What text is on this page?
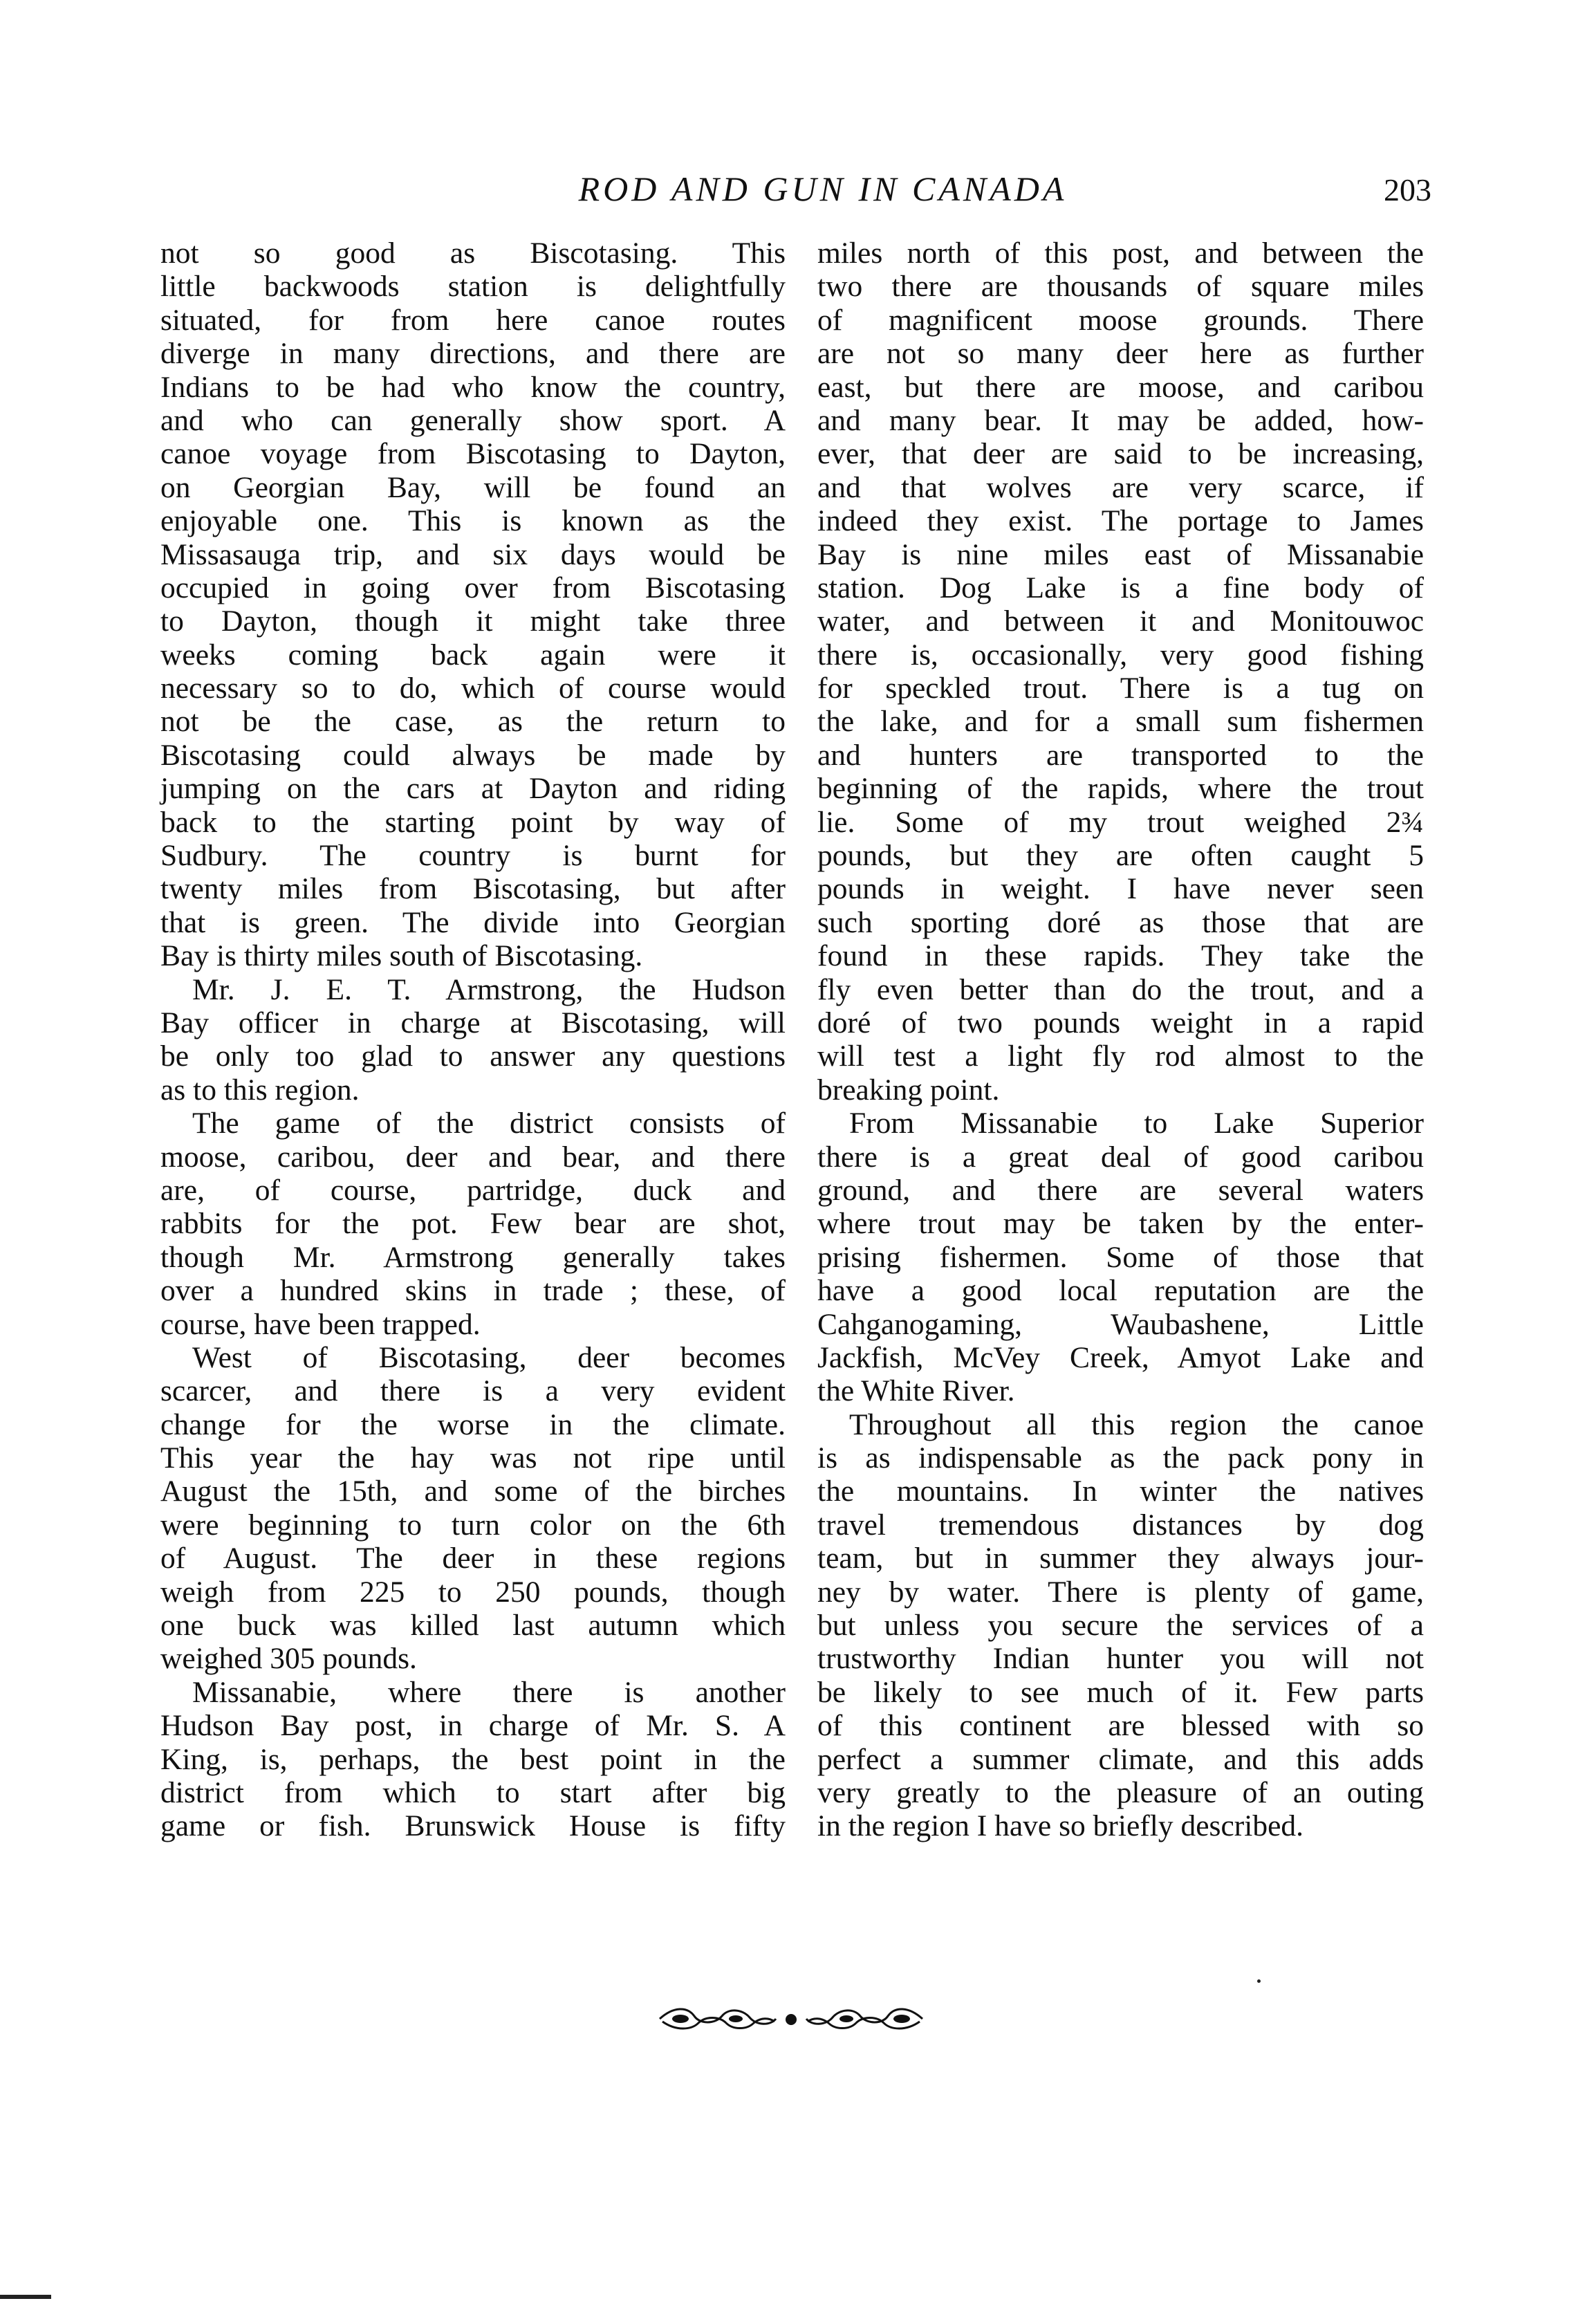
ROD AND GUN IN CANADA	203
not so good as Biscotasing. This
little backwoods station is delightfully
situated, for from here canoe routes
diverge in many directions, and there are
Indians to be had who know the country,
and who can generally show sport. A
canoe voyage from Biscotasing to Dayton,
on Georgian Bay, will be found an
enjoyable one. This is known as the
Missasauga trip, and six days would be
occupied in going over from Biscotasing
to Dayton, though it might take three
weeks coming back again were it
necessary so to do, which of course would
not be the case, as the return to
Biscotasing could always be made by
jumping on the cars at Dayton and riding
back to the starting point by way of
Sudbury. The country is burnt for
twenty miles from Biscotasing, but after
that is green. The divide into Georgian
Bay is thirty miles south of Biscotasing.
Mr. J. E. T. Armstrong, the Hudson
Bay officer in charge at Biscotasing, will
be only too glad to answer any questions
as to this region.
The game of the district consists of
moose, caribou, deer and bear, and there
are, of course, partridge, duck and
rabbits for the pot. Few bear are shot,
though Mr. Armstrong generally takes
over a hundred skins in trade ; these, of
course, have been trapped.
West of Biscotasing, deer becomes
scarcer, and there is a very evident
change for the worse in the climate.
This year the hay was not ripe until
August the 15th, and some of the birches
were beginning to turn color on the 6th
of August. The deer in these regions
weigh from 225 to 250 pounds, though
one buck was killed last autumn which
weighed 305 pounds.
Missanabie, where there is another
Hudson Bay post, in charge of Mr. S. A
King, is, perhaps, the best point in the
district from which to start after big
game or fish. Brunswick House is fifty
miles north of this post, and between the
two there are thousands of square miles
of magnificent moose grounds. There
are not so many deer here as further
east, but there are moose, and caribou
and many bear. It may be added, how-
ever, that deer are said to be increasing,
and that wolves are very scarce, if
indeed they exist. The portage to James
Bay is nine miles east of Missanabie
station. Dog Lake is a fine body of
water, and between it and Monitouwoc
there is, occasionally, very good fishing
for speckled trout. There is a tug on
the lake, and for a small sum fishermen
and hunters are transported to the
beginning of the rapids, where the trout
lie. Some of my trout weighed 2¾
pounds, but they are often caught 5
pounds in weight. I have never seen
such sporting doré as those that are
found in these rapids. They take the
fly even better than do the trout, and a
doré of two pounds weight in a rapid
will test a light fly rod almost to the
breaking point.
From Missanabie to Lake Superior
there is a great deal of good caribou
ground, and there are several waters
where trout may be taken by the enter-
prising fishermen. Some of those that
have a good local reputation are the
Cahganogaming, Waubashene, Little
Jackfish, McVey Creek, Amyot Lake and
the White River.
Throughout all this region the canoe
is as indispensable as the pack pony in
the mountains. In winter the natives
travel tremendous distances by dog
team, but in summer they always jour-
ney by water. There is plenty of game,
but unless you secure the services of a
trustworthy Indian hunter you will not
be likely to see much of it. Few parts
of this continent are blessed with so
perfect a summer climate, and this adds
very greatly to the pleasure of an outing
in the region I have so briefly described.
